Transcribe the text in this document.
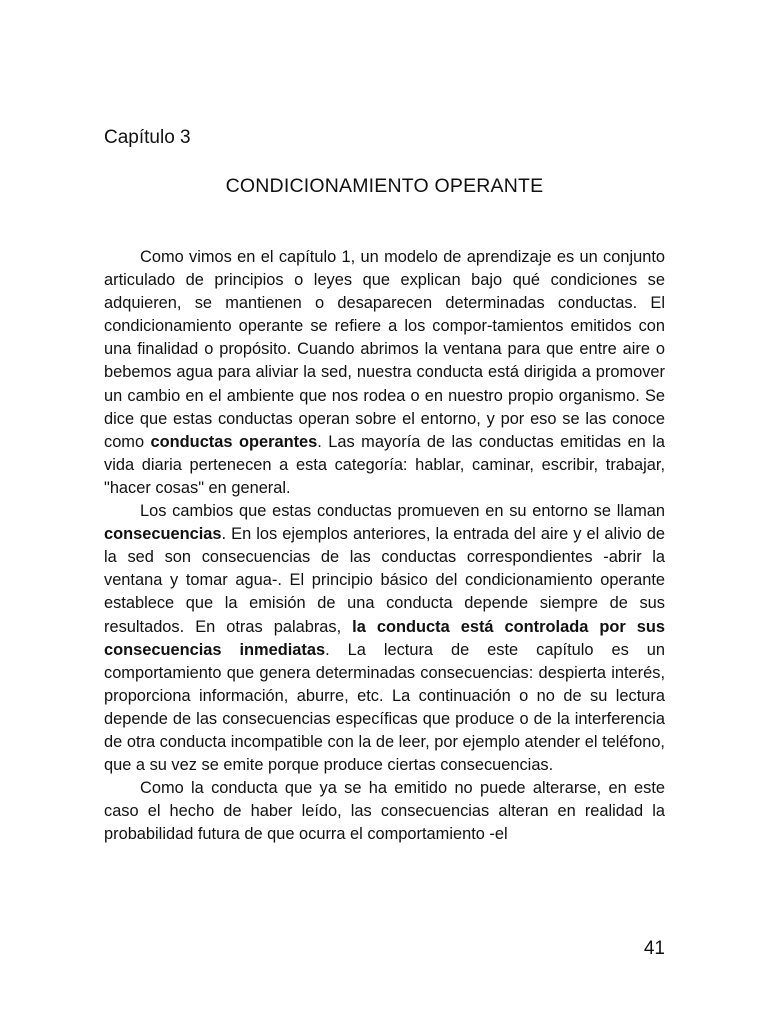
Capítulo 3
CONDICIONAMIENTO OPERANTE

Como vimos en el capítulo 1, un modelo de aprendizaje es un conjunto articulado de principios o leyes que explican bajo qué condiciones se adquieren, se mantienen o desaparecen determinadas conductas. El condicionamiento operante se refiere a los compor-tamientos emitidos con una finalidad o propósito. Cuando abrimos la ventana para que entre aire o bebemos agua para aliviar la sed, nuestra conducta está dirigida a promover un cambio en el ambiente que nos rodea o en nuestro propio organismo. Se dice que estas conductas operan sobre el entorno, y por eso se las conoce como conductas operantes. Las mayoría de las conductas emitidas en la vida diaria pertenecen a esta categoría: hablar, caminar, escribir, trabajar, "hacer cosas" en general.

Los cambios que estas conductas promueven en su entorno se llaman consecuencias. En los ejemplos anteriores, la entrada del aire y el alivio de la sed son consecuencias de las conductas correspondientes -abrir la ventana y tomar agua-. El principio básico del condicionamiento operante establece que la emisión de una conducta depende siempre de sus resultados. En otras palabras, la conducta está controlada por sus consecuencias inmediatas. La lectura de este capítulo es un comportamiento que genera determinadas consecuencias: despierta interés, proporciona información, aburre, etc. La continuación o no de su lectura depende de las consecuencias específicas que produce o de la interferencia de otra conducta incompatible con la de leer, por ejemplo atender el teléfono, que a su vez se emite porque produce ciertas consecuencias.

Como la conducta que ya se ha emitido no puede alterarse, en este caso el hecho de haber leído, las consecuencias alteran en realidad la probabilidad futura de que ocurra el comportamiento -el

41
